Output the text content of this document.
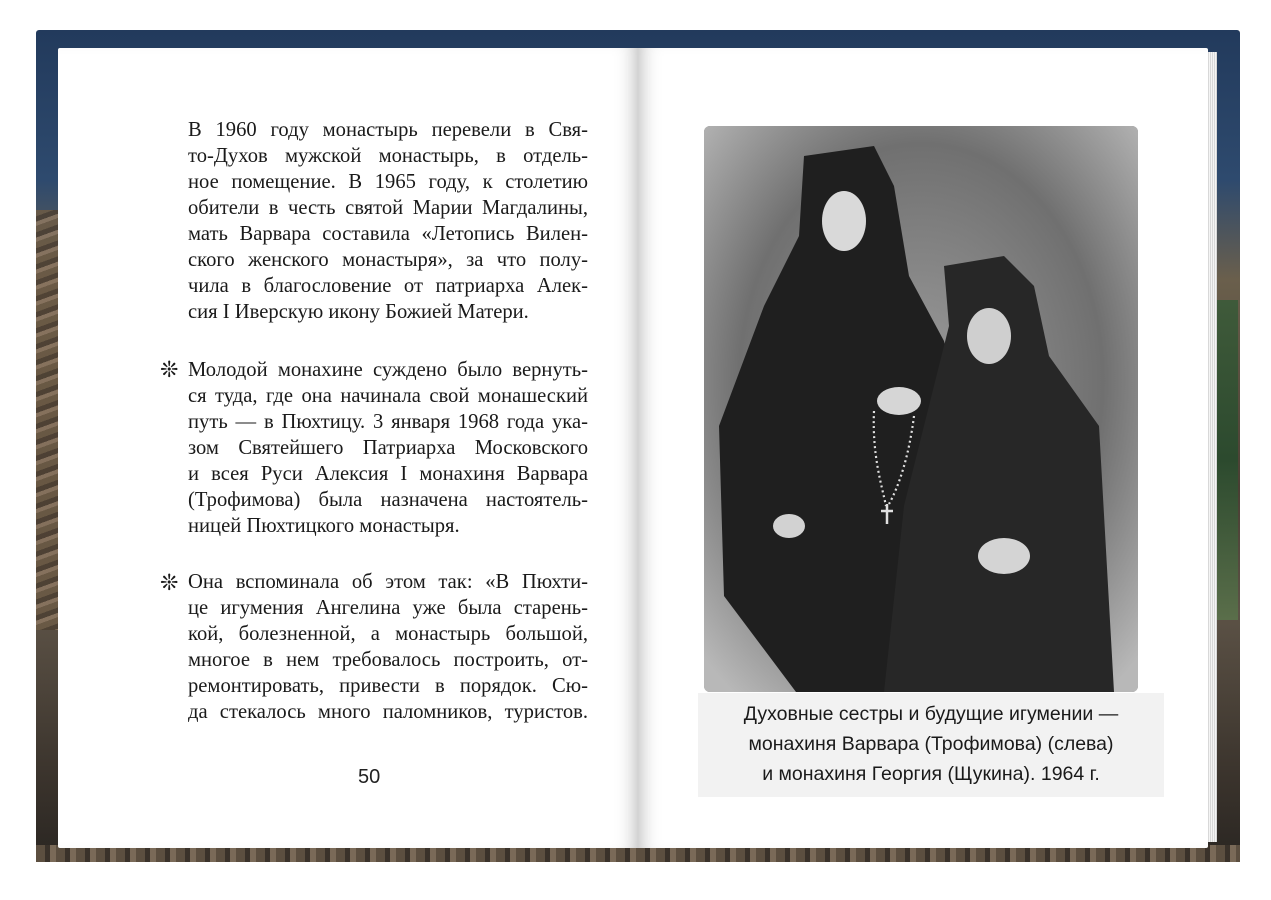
В 1960 году монастырь перевели в Свя-
то-Духов мужской монастырь, в отдель-
ное помещение. В 1965 году, к столетию
обители в честь святой Марии Магдалины,
мать Варвара составила «Летопись Вилен-
ского женского монастыря», за что полу-
чила в благословение от патриарха Алек-
сия I Иверскую икону Божией Матери.
❊ Молодой монахине суждено было вернуть-
ся туда, где она начинала свой монашеский
путь — в Пюхтицу. 3 января 1968 года ука-
зом Святейшего Патриарха Московского
и всея Руси Алексия I монахиня Варвара
(Трофимова) была назначена настоятель-
ницей Пюхтицкого монастыря.
❊ Она вспоминала об этом так: «В Пюхти-
це игумения Ангелина уже была старень-
кой, болезненной, а монастырь большой,
многое в нем требовалось построить, от-
ремонтировать, привести в порядок. Сю-
да стекалось много паломников, туристов.
50
Духовные сестры и будущие игумении —
монахиня Варвара (Трофимова) (слева)
и монахиня Георгия (Щукина). 1964 г.
